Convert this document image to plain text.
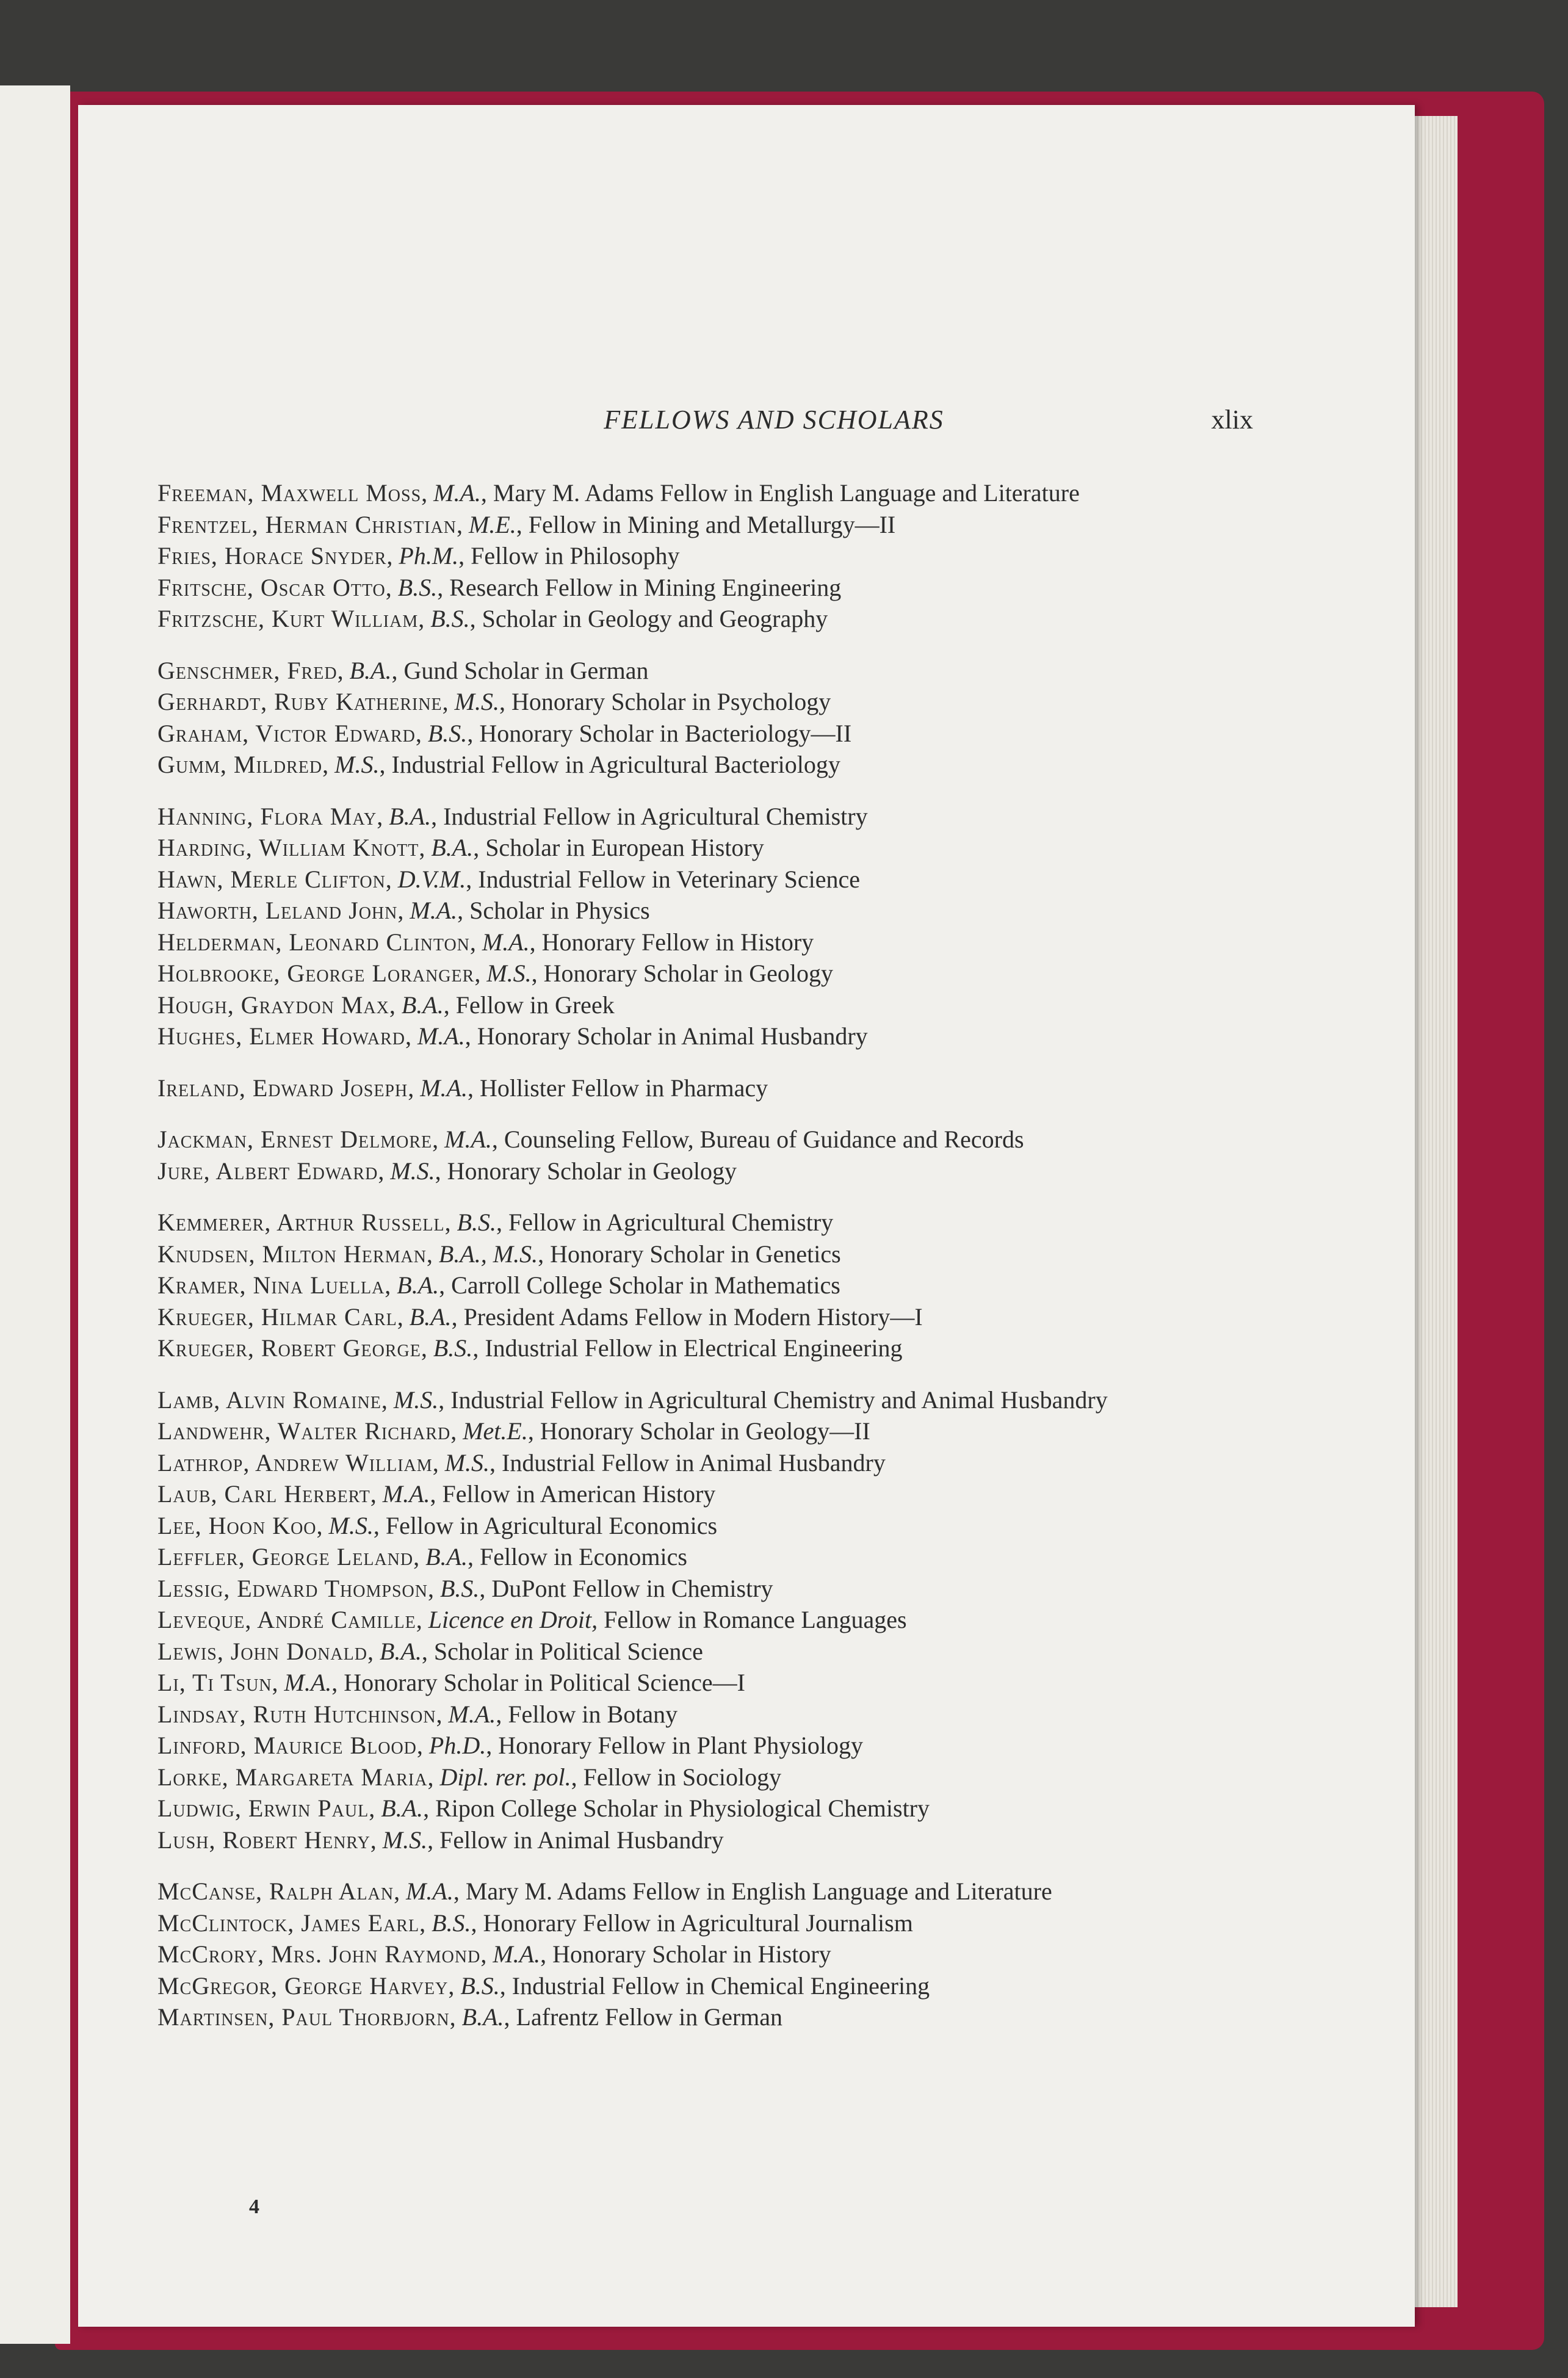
FELLOWS AND SCHOLARS	xlix
Freeman, Maxwell Moss, M.A., Mary M. Adams Fellow in English Language and Literature
Frentzel, Herman Christian, M.E., Fellow in Mining and Metallurgy—II
Fries, Horace Snyder, Ph.M., Fellow in Philosophy
Fritsche, Oscar Otto, B.S., Research Fellow in Mining Engineering
Fritzsche, Kurt William, B.S., Scholar in Geology and Geography
Genschmer, Fred, B.A., Gund Scholar in German
Gerhardt, Ruby Katherine, M.S., Honorary Scholar in Psychology
Graham, Victor Edward, B.S., Honorary Scholar in Bacteriology—II
Gumm, Mildred, M.S., Industrial Fellow in Agricultural Bacteriology
Hanning, Flora May, B.A., Industrial Fellow in Agricultural Chemistry
Harding, William Knott, B.A., Scholar in European History
Hawn, Merle Clifton, D.V.M., Industrial Fellow in Veterinary Science
Haworth, Leland John, M.A., Scholar in Physics
Helderman, Leonard Clinton, M.A., Honorary Fellow in History
Holbrooke, George Loranger, M.S., Honorary Scholar in Geology
Hough, Graydon Max, B.A., Fellow in Greek
Hughes, Elmer Howard, M.A., Honorary Scholar in Animal Husbandry
Ireland, Edward Joseph, M.A., Hollister Fellow in Pharmacy
Jackman, Ernest Delmore, M.A., Counseling Fellow, Bureau of Guidance and Records
Jure, Albert Edward, M.S., Honorary Scholar in Geology
Kemmerer, Arthur Russell, B.S., Fellow in Agricultural Chemistry
Knudsen, Milton Herman, B.A., M.S., Honorary Scholar in Genetics
Kramer, Nina Luella, B.A., Carroll College Scholar in Mathematics
Krueger, Hilmar Carl, B.A., President Adams Fellow in Modern History—I
Krueger, Robert George, B.S., Industrial Fellow in Electrical Engineering
Lamb, Alvin Romaine, M.S., Industrial Fellow in Agricultural Chemistry and Animal Husbandry
Landwehr, Walter Richard, Met.E., Honorary Scholar in Geology—II
Lathrop, Andrew William, M.S., Industrial Fellow in Animal Husbandry
Laub, Carl Herbert, M.A., Fellow in American History
Lee, Hoon Koo, M.S., Fellow in Agricultural Economics
Leffler, George Leland, B.A., Fellow in Economics
Lessig, Edward Thompson, B.S., DuPont Fellow in Chemistry
Leveque, André Camille, Licence en Droit, Fellow in Romance Languages
Lewis, John Donald, B.A., Scholar in Political Science
Li, Ti Tsun, M.A., Honorary Scholar in Political Science—I
Lindsay, Ruth Hutchinson, M.A., Fellow in Botany
Linford, Maurice Blood, Ph.D., Honorary Fellow in Plant Physiology
Lorke, Margareta Maria, Dipl. rer. pol., Fellow in Sociology
Ludwig, Erwin Paul, B.A., Ripon College Scholar in Physiological Chemistry
Lush, Robert Henry, M.S., Fellow in Animal Husbandry
McCanse, Ralph Alan, M.A., Mary M. Adams Fellow in English Language and Literature
McClintock, James Earl, B.S., Honorary Fellow in Agricultural Journalism
McCrory, Mrs. John Raymond, M.A., Honorary Scholar in History
McGregor, George Harvey, B.S., Industrial Fellow in Chemical Engineering
Martinsen, Paul Thorbjorn, B.A., Lafrentz Fellow in German
4
